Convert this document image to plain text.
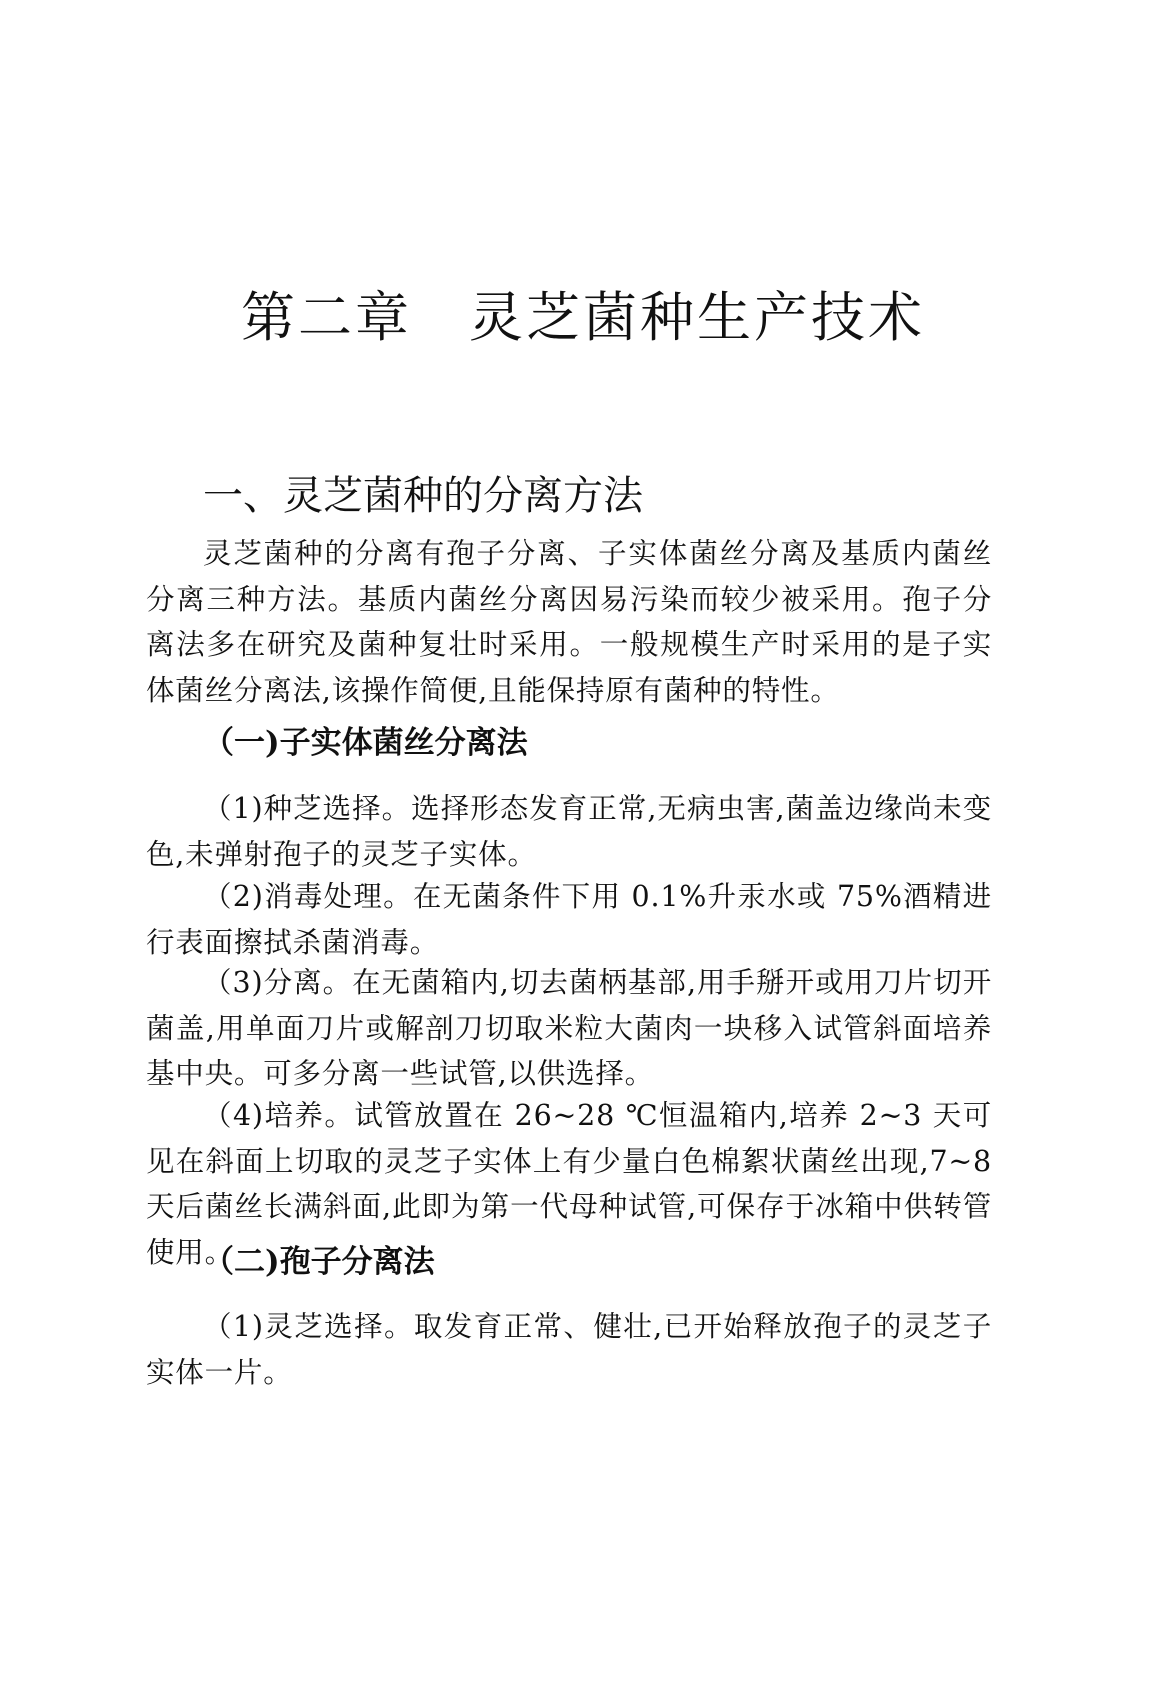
第二章　灵芝菌种生产技术
一、灵芝菌种的分离方法

灵芝菌种的分离有孢子分离、子实体菌丝分离及基质内菌丝分离三种方法。基质内菌丝分离因易污染而较少被采用。孢子分离法多在研究及菌种复壮时采用。一般规模生产时采用的是子实体菌丝分离法,该操作简便,且能保持原有菌种的特性。

（一)子实体菌丝分离法

（1)种芝选择。选择形态发育正常,无病虫害,菌盖边缘尚未变色,未弹射孢子的灵芝子实体。

（2)消毒处理。在无菌条件下用 0.1%升汞水或 75%酒精进行表面擦拭杀菌消毒。

（3)分离。在无菌箱内,切去菌柄基部,用手掰开或用刀片切开菌盖,用单面刀片或解剖刀切取米粒大菌肉一块移入试管斜面培养基中央。可多分离一些试管,以供选择。

（4)培养。试管放置在 26~28 ℃恒温箱内,培养 2~3 天可见在斜面上切取的灵芝子实体上有少量白色棉絮状菌丝出现,7~8 天后菌丝长满斜面,此即为第一代母种试管,可保存于冰箱中供转管使用。

（二)孢子分离法

（1)灵芝选择。取发育正常、健壮,已开始释放孢子的灵芝子实体一片。
